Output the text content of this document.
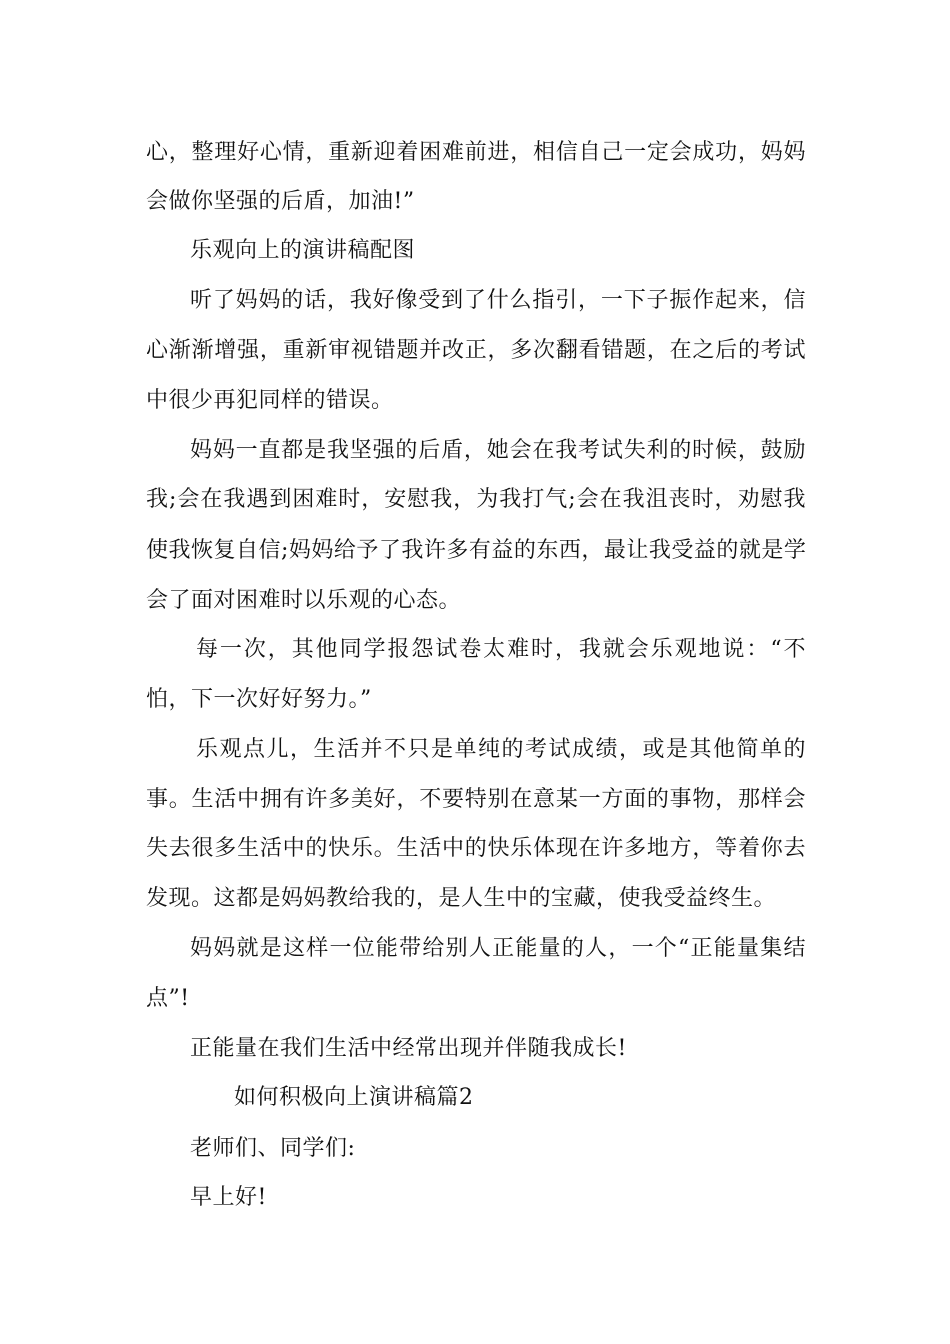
心，整理好心情，重新迎着困难前进，相信自己一定会成功，妈妈
会做你坚强的后盾，加油!”
乐观向上的演讲稿配图
听了妈妈的话，我好像受到了什么指引，一下子振作起来，信
心渐渐增强，重新审视错题并改正，多次翻看错题，在之后的考试
中很少再犯同样的错误。
妈妈一直都是我坚强的后盾，她会在我考试失利的时候，鼓励
我;会在我遇到困难时，安慰我，为我打气;会在我沮丧时，劝慰我
使我恢复自信;妈妈给予了我许多有益的东西，最让我受益的就是学
会了面对困难时以乐观的心态。
每一次，其他同学报怨试卷太难时，我就会乐观地说：“不
怕，下一次好好努力。”
乐观点儿，生活并不只是单纯的考试成绩，或是其他简单的
事。生活中拥有许多美好，不要特别在意某一方面的事物，那样会
失去很多生活中的快乐。生活中的快乐体现在许多地方，等着你去
发现。这都是妈妈教给我的，是人生中的宝藏，使我受益终生。
妈妈就是这样一位能带给别人正能量的人，一个“正能量集结
点”!
正能量在我们生活中经常出现并伴随我成长!
如何积极向上演讲稿篇2
老师们、同学们:
早上好!
